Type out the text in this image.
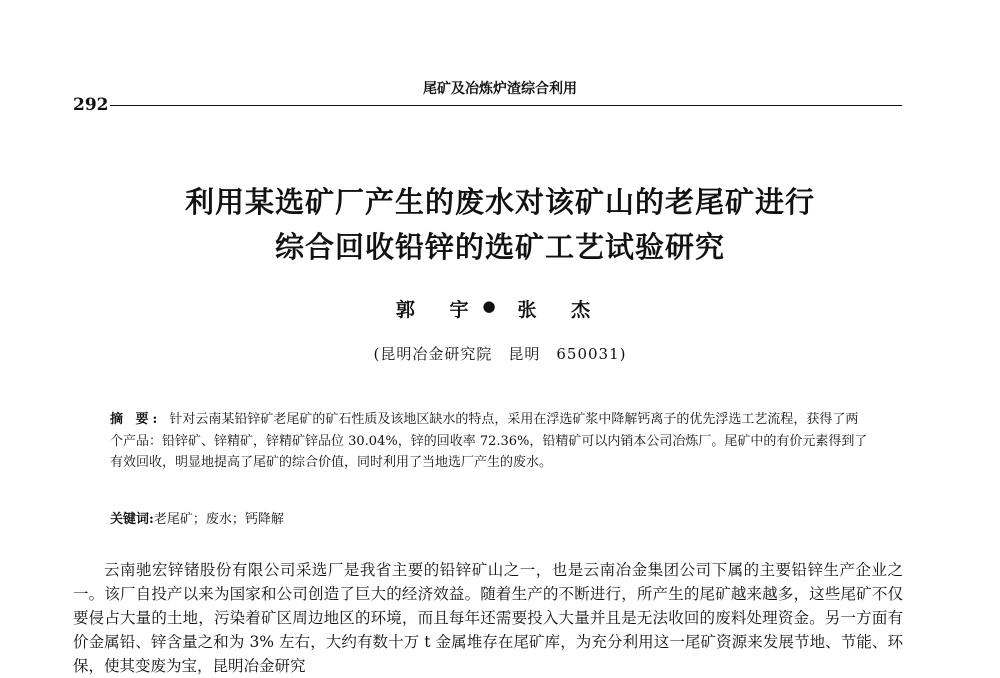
尾矿及冶炼炉渣综合利用
292
利用某选矿厂产生的废水对该矿山的老尾矿进行
综合回收铅锌的选矿工艺试验研究
郭 宇● 张 杰
(昆明冶金研究院　昆明　650031)
摘 要: 针对云南某铅锌矿老尾矿的矿石性质及该地区缺水的特点，采用在浮选矿浆中降解钙离子的优先浮选工艺流程，获得了两个产品：铅锌矿、锌精矿，锌精矿锌品位 30.04%，锌的回收率 72.36%，铅精矿可以内销本公司冶炼厂。尾矿中的有价元素得到了有效回收，明显地提高了尾矿的综合价值，同时利用了当地选厂产生的废水。
关键词:老尾矿；废水；钙降解

云南驰宏锌锗股份有限公司采选厂是我省主要的铅锌矿山之一，也是云南冶金集团公司下属的主要铅锌生产企业之一。该厂自投产以来为国家和公司创造了巨大的经济效益。随着生产的不断进行，所产生的尾矿越来越多，这些尾矿不仅要侵占大量的土地，污染着矿区周边地区的环境，而且每年还需要投入大量并且是无法收回的废料处理资金。另一方面有价金属铅、锌含量之和为 3% 左右，大约有数十万 t 金属堆存在尾矿库，为充分利用这一尾矿资源来发展节地、节能、环保，使其变废为宝，昆明冶金研究
